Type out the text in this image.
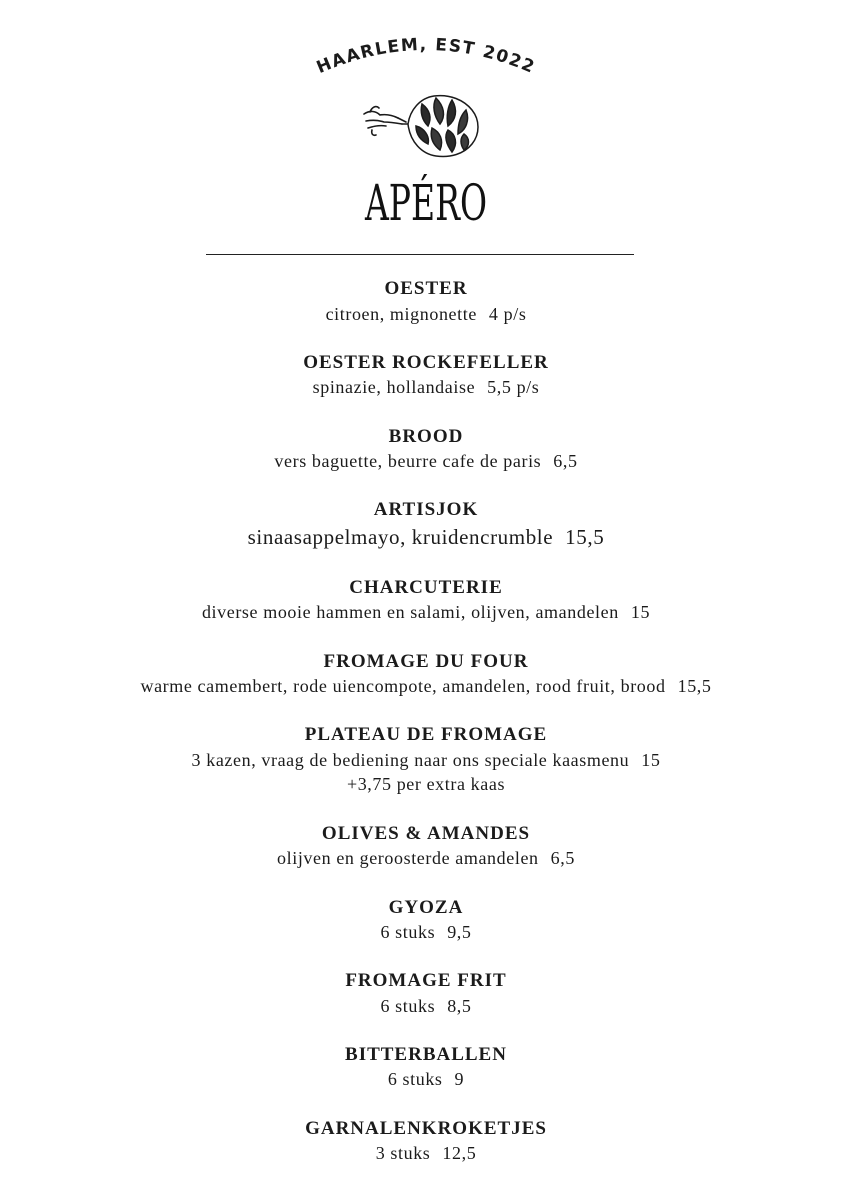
HAARLEM, EST 2022
APÉRO
OESTER
citroen, mignonette 4 p/s
OESTER ROCKEFELLER
spinazie, hollandaise 5,5 p/s
BROOD
vers baguette, beurre cafe de paris 6,5
ARTISJOK
sinaasappelmayo, kruidencrumble 15,5
CHARCUTERIE
diverse mooie hammen en salami, olijven, amandelen 15
FROMAGE DU FOUR
warme camembert, rode uiencompote, amandelen, rood fruit, brood 15,5
PLATEAU DE FROMAGE
3 kazen, vraag de bediening naar ons speciale kaasmenu 15
+3,75 per extra kaas
OLIVES & AMANDES
olijven en geroosterde amandelen 6,5
GYOZA
6 stuks 9,5
FROMAGE FRIT
6 stuks 8,5
BITTERBALLEN
6 stuks 9
GARNALENKROKETJES
3 stuks 12,5
